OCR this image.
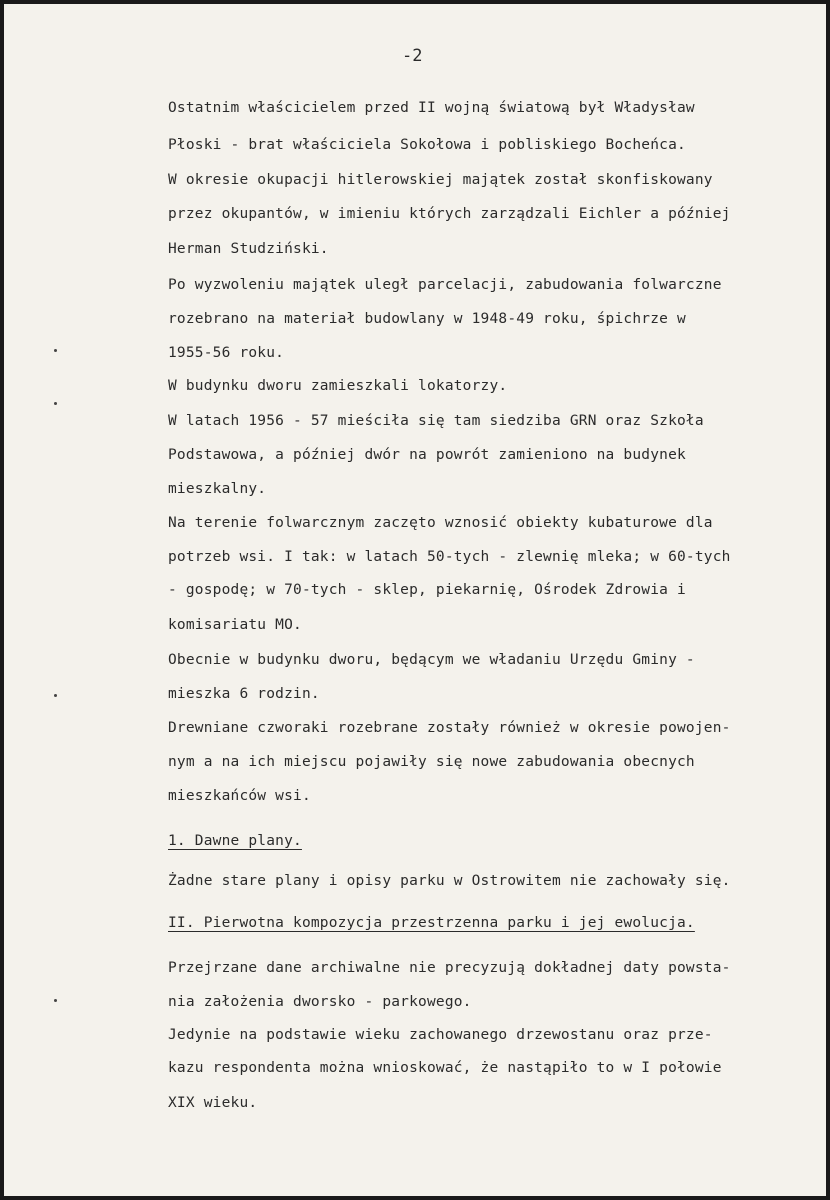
-2
Ostatnim właścicielem przed II wojną światową był Władysław
Płoski - brat właściciela Sokołowa i pobliskiego Bocheńca.
W okresie okupacji hitlerowskiej majątek został skonfiskowany
przez okupantów, w imieniu których zarządzali Eichler a później
Herman Studziński.
Po wyzwoleniu majątek uległ parcelacji, zabudowania folwarczne
rozebrano na materiał budowlany w 1948-49 roku, śpichrze w
1955-56 roku.
W budynku dworu zamieszkali lokatorzy.
W latach 1956 - 57 mieściła się tam siedziba GRN oraz Szkoła
Podstawowa, a później dwór na powrót zamieniono na budynek
mieszkalny.
Na terenie folwarcznym zaczęto wznosić obiekty kubaturowe dla
potrzeb wsi. I tak: w latach 50-tych - zlewnię mleka; w 60-tych
- gospodę; w 70-tych - sklep, piekarnię, Ośrodek Zdrowia i
komisariatu MO.
Obecnie w budynku dworu, będącym we władaniu Urzędu Gminy -
mieszka 6 rodzin.
Drewniane czworaki rozebrane zostały również w okresie powojen-
nym a na ich miejscu pojawiły się nowe zabudowania obecnych
mieszkańców wsi.
1. Dawne plany.
Żadne stare plany i opisy parku w Ostrowitem nie zachowały się.
II. Pierwotna kompozycja przestrzenna parku i jej ewolucja.
Przejrzane dane archiwalne nie precyzują dokładnej daty powsta-
nia założenia dworsko - parkowego.
Jedynie na podstawie wieku zachowanego drzewostanu oraz prze-
kazu respondenta można wnioskować, że nastąpiło to w I połowie
XIX wieku.
